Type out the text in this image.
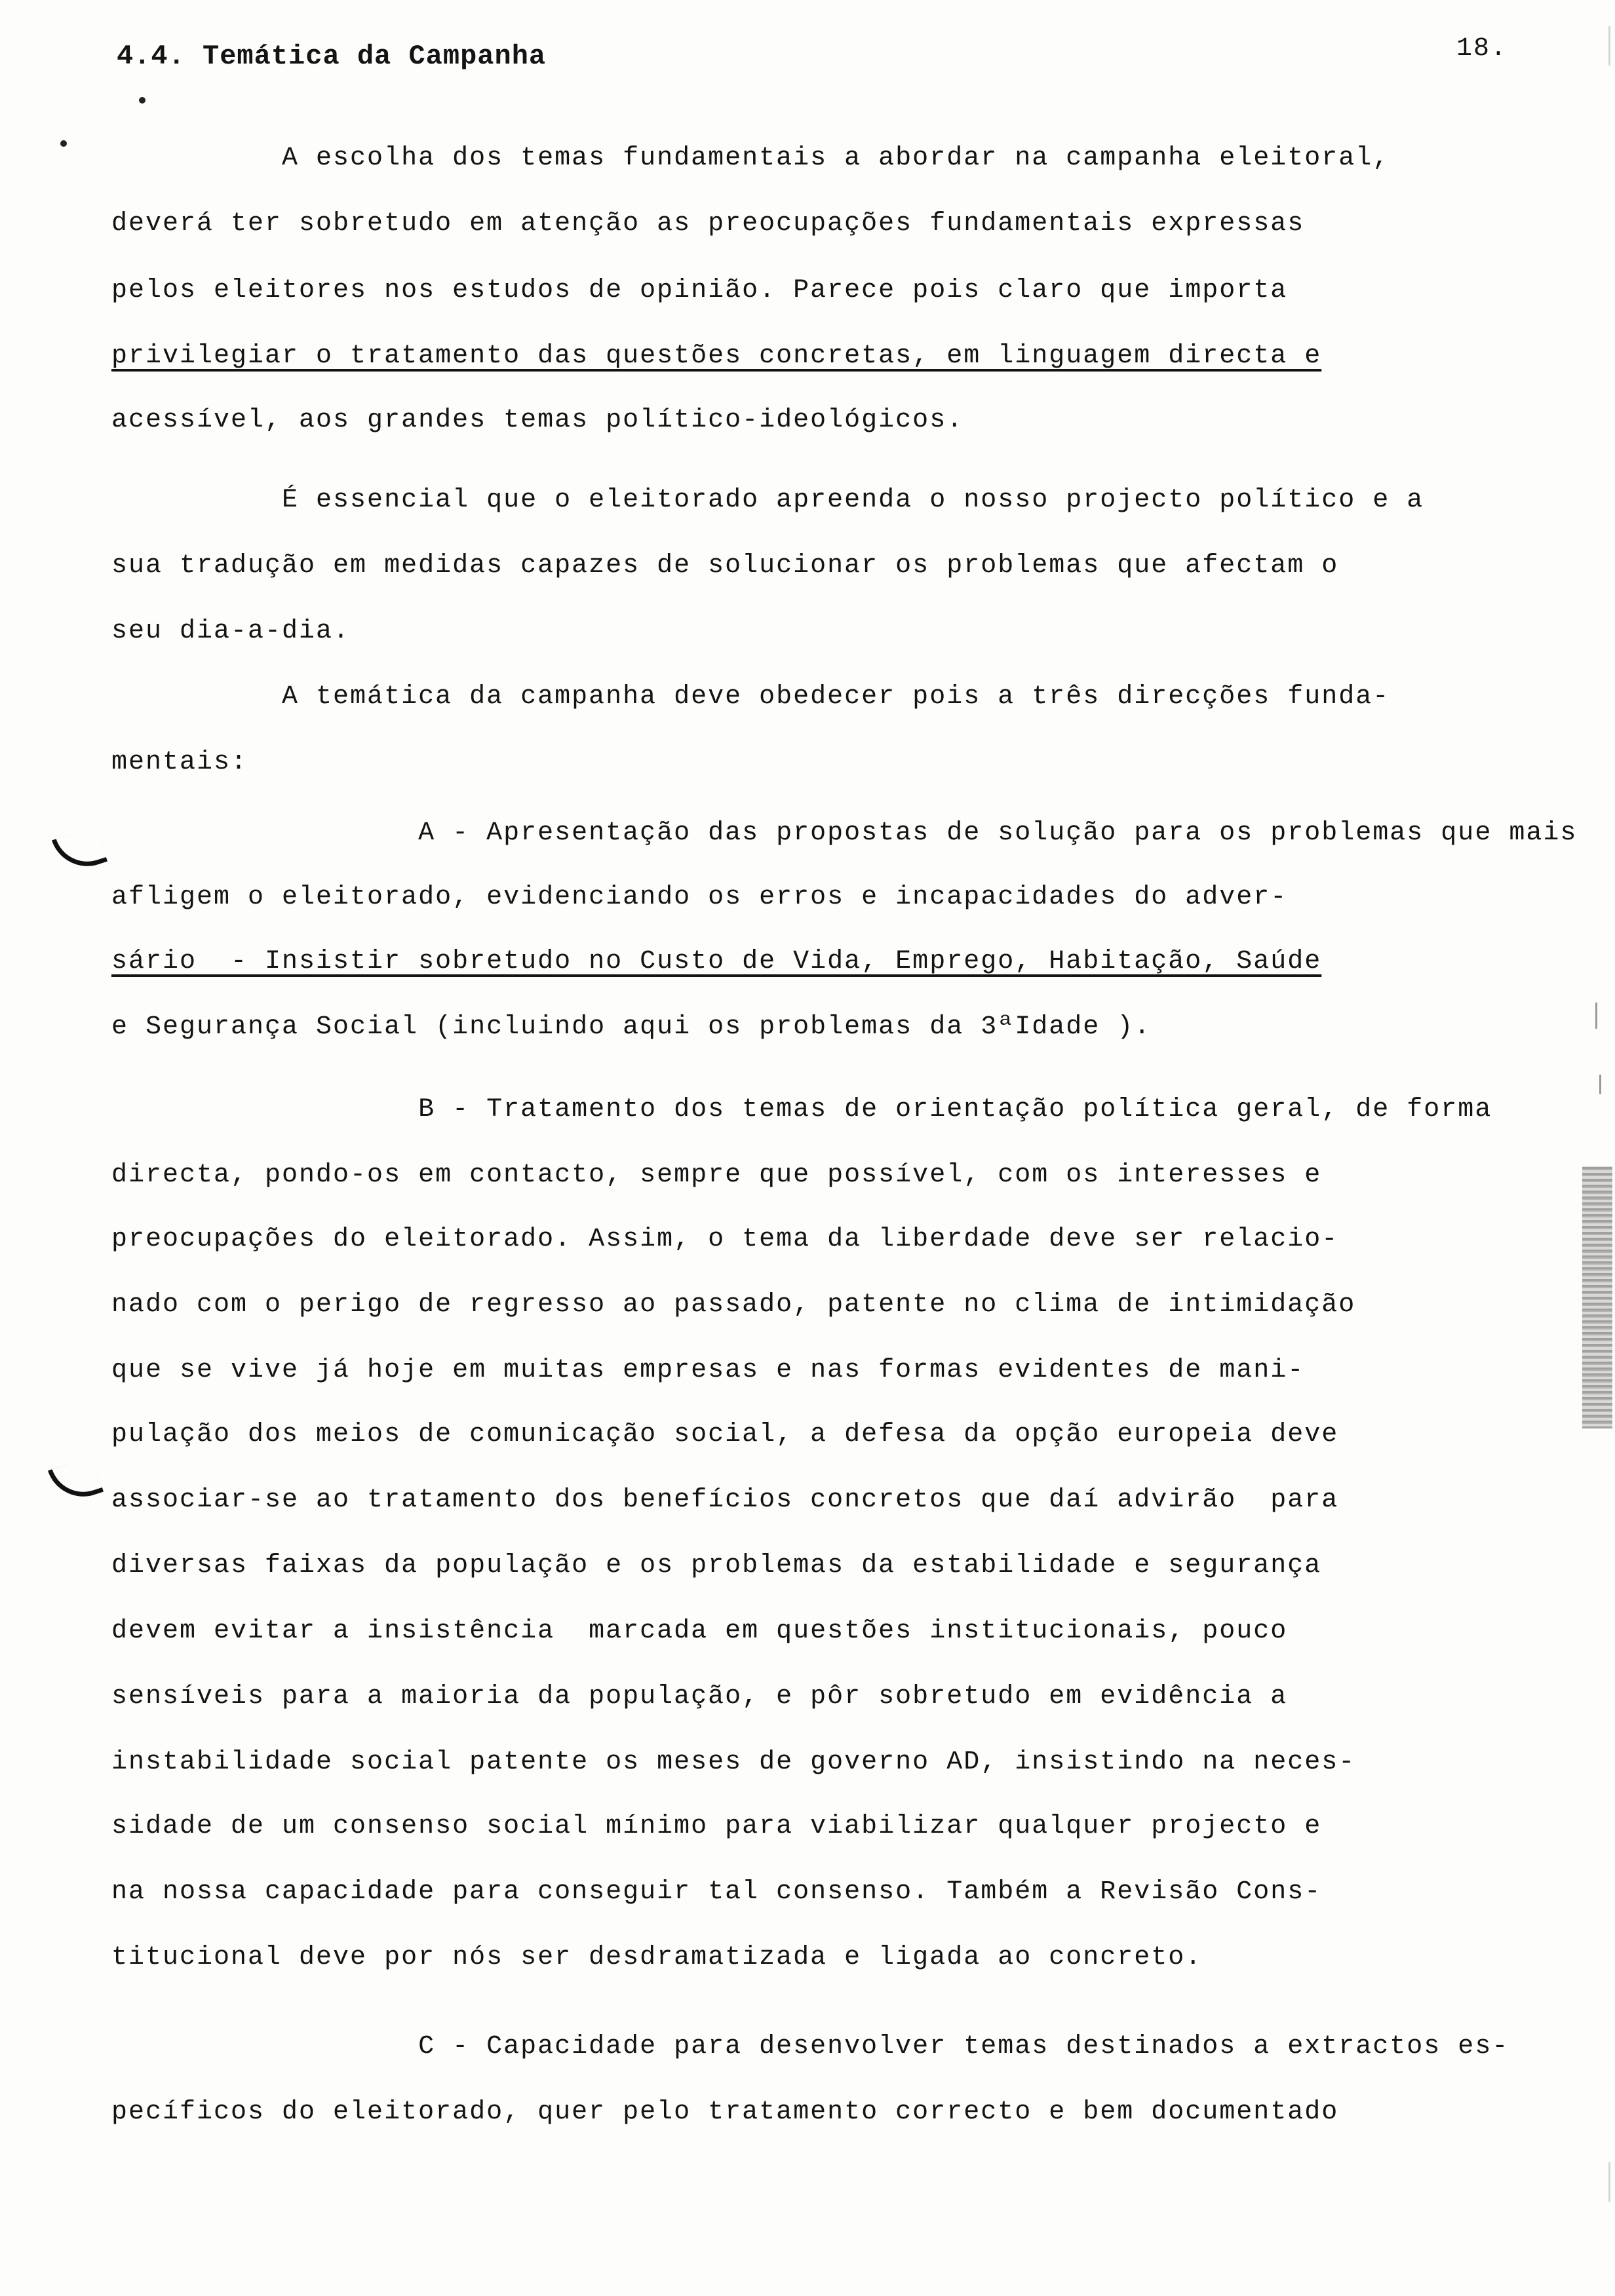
4.4. Temática da Campanha	18.
A escolha dos temas fundamentais a abordar na campanha eleitoral,
deverá ter sobretudo em atenção as preocupações fundamentais expressas
pelos eleitores nos estudos de opinião. Parece pois claro que importa
privilegiar o tratamento das questões concretas, em linguagem directa e
acessível, aos grandes temas político-ideológicos.
É essencial que o eleitorado apreenda o nosso projecto político e a
sua tradução em medidas capazes de solucionar os problemas que afectam o
seu dia-a-dia.
A temática da campanha deve obedecer pois a três direcções funda-
mentais:
A - Apresentação das propostas de solução para os problemas que mais
afligem o eleitorado, evidenciando os erros e incapacidades do adver-
sário  - Insistir sobretudo no Custo de Vida, Emprego, Habitação, Saúde
e Segurança Social (incluindo aqui os problemas da 3ªIdade ).
B - Tratamento dos temas de orientação política geral, de forma
directa, pondo-os em contacto, sempre que possível, com os interesses e
preocupações do eleitorado. Assim, o tema da liberdade deve ser relacio-
nado com o perigo de regresso ao passado, patente no clima de intimidação
que se vive já hoje em muitas empresas e nas formas evidentes de mani-
pulação dos meios de comunicação social, a defesa da opção europeia deve
associar-se ao tratamento dos benefícios concretos que daí advirão  para
diversas faixas da população e os problemas da estabilidade e segurança
devem evitar a insistência  marcada em questões institucionais, pouco
sensíveis para a maioria da população, e pôr sobretudo em evidência a
instabilidade social patente os meses de governo AD, insistindo na neces-
sidade de um consenso social mínimo para viabilizar qualquer projecto e
na nossa capacidade para conseguir tal consenso. Também a Revisão Cons-
titucional deve por nós ser desdramatizada e ligada ao concreto.
C - Capacidade para desenvolver temas destinados a extractos es-
pecíficos do eleitorado, quer pelo tratamento correcto e bem documentado
